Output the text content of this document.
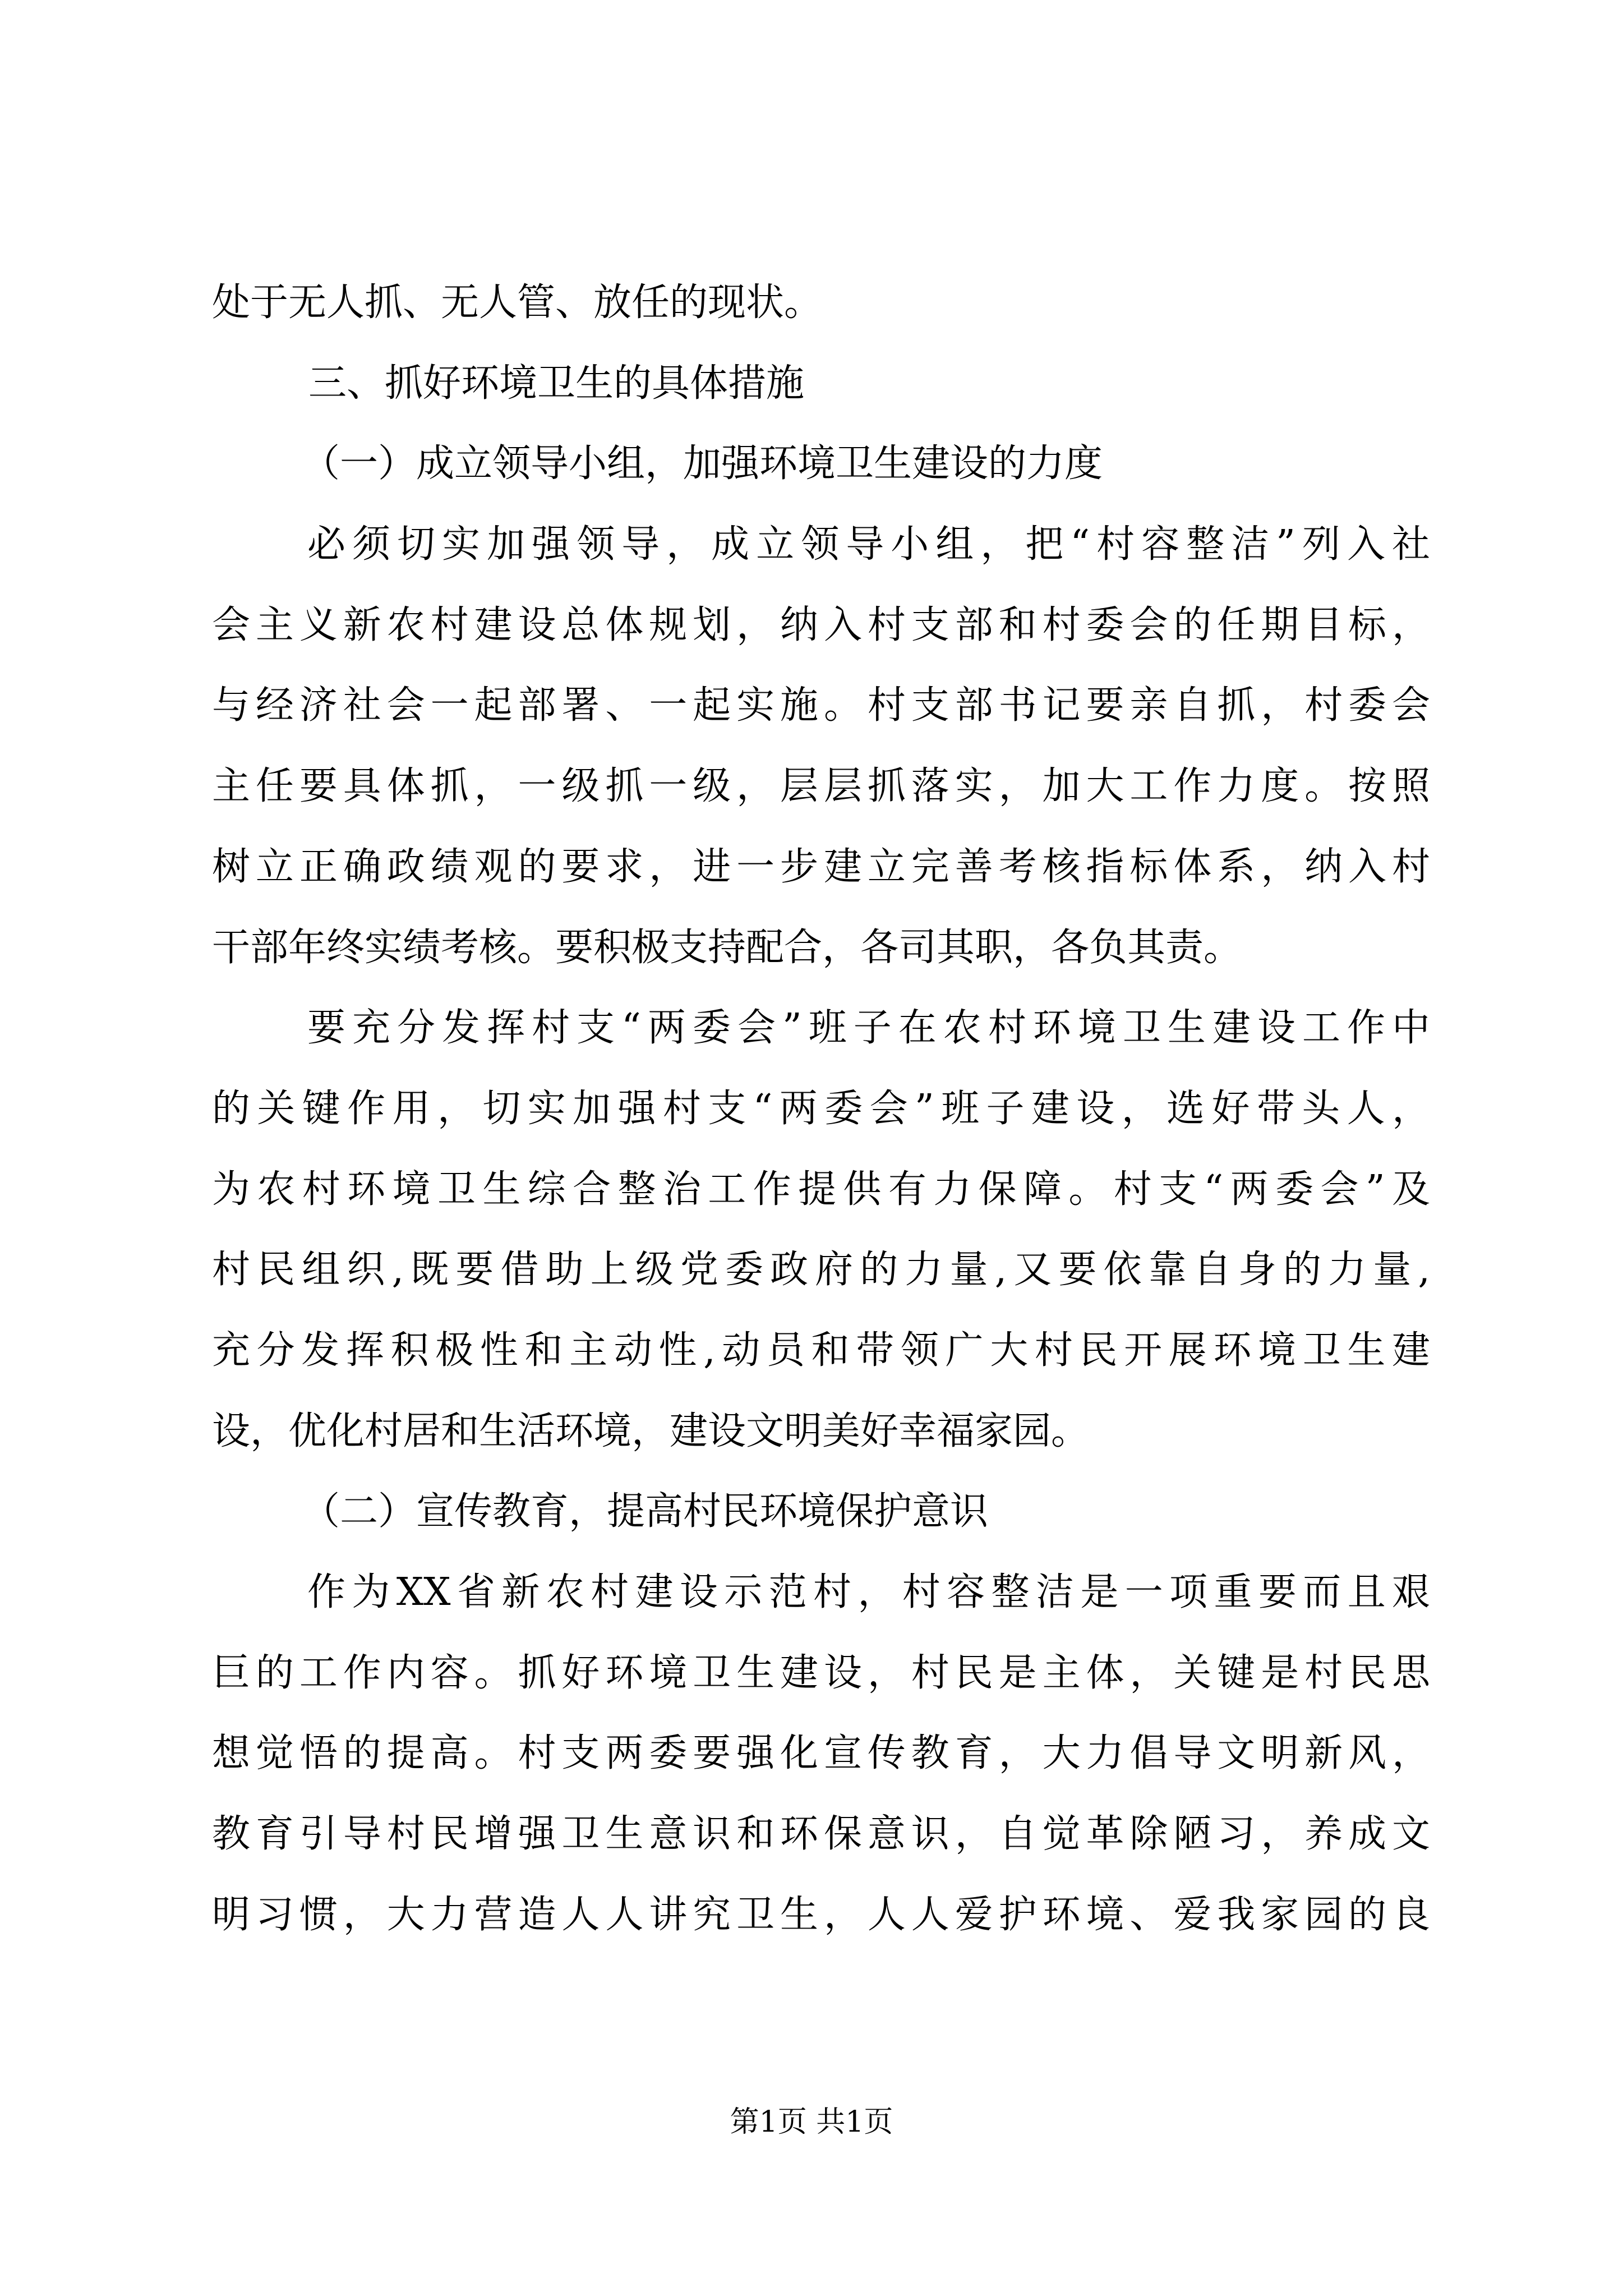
处于无人抓、无人管、放任的现状。
三、抓好环境卫生的具体措施
（一）成立领导小组，加强环境卫生建设的力度
必须切实加强领导，成立领导小组，把“村容整洁”列入社
会主义新农村建设总体规划，纳入村支部和村委会的任期目标，
与经济社会一起部署、一起实施。村支部书记要亲自抓，村委会
主任要具体抓，一级抓一级，层层抓落实，加大工作力度。按照
树立正确政绩观的要求，进一步建立完善考核指标体系，纳入村
干部年终实绩考核。要积极支持配合，各司其职，各负其责。
要充分发挥村支“两委会”班子在农村环境卫生建设工作中
的关键作用，切实加强村支“两委会”班子建设，选好带头人，
为农村环境卫生综合整治工作提供有力保障。村支“两委会”及
村民组织,既要借助上级党委政府的力量,又要依靠自身的力量,
充分发挥积极性和主动性,动员和带领广大村民开展环境卫生建
设，优化村居和生活环境，建设文明美好幸福家园。
（二）宣传教育，提高村民环境保护意识
作为XX省新农村建设示范村，村容整洁是一项重要而且艰
巨的工作内容。抓好环境卫生建设，村民是主体，关键是村民思
想觉悟的提高。村支两委要强化宣传教育，大力倡导文明新风，
教育引导村民增强卫生意识和环保意识，自觉革除陋习，养成文
明习惯，大力营造人人讲究卫生，人人爱护环境、爱我家园的良
第1页 共1页
